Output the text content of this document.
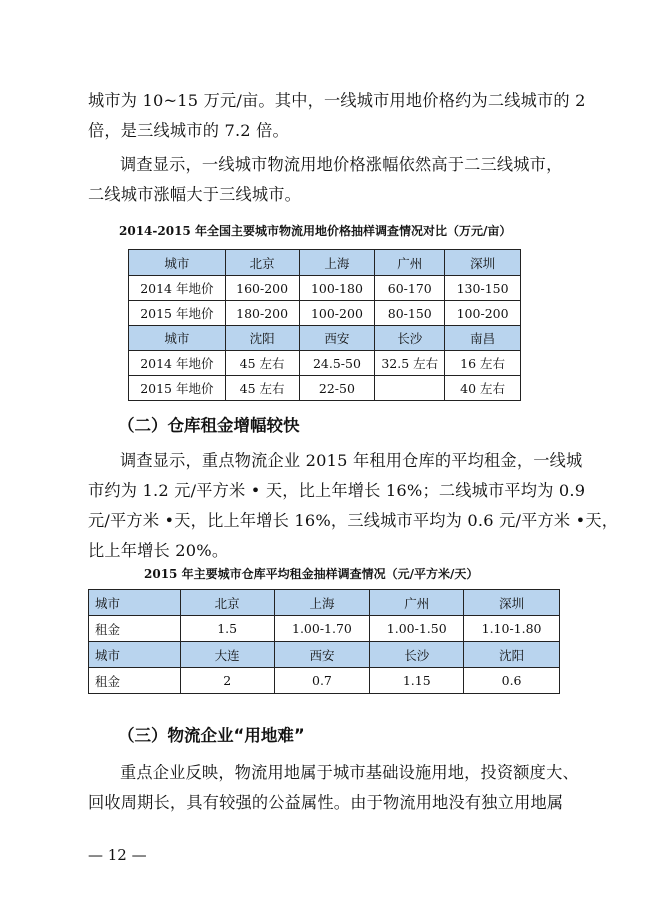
城市为 10~15 万元/亩。其中，一线城市用地价格约为二线城市的 2
倍，是三线城市的 7.2 倍。
调查显示，一线城市物流用地价格涨幅依然高于二三线城市，
二线城市涨幅大于三线城市。
2014-2015 年全国主要城市物流用地价格抽样调查情况对比（万元/亩）
城市	北京	上海	广州	深圳
2014 年地价	160-200	100-180	60-170	130-150
2015 年地价	180-200	100-200	80-150	100-200
城市	沈阳	西安	长沙	南昌
2014 年地价	45 左右	24.5-50	32.5 左右	16 左右
2015 年地价	45 左右	22-50		40 左右
（二）仓库租金增幅较快
调查显示，重点物流企业 2015 年租用仓库的平均租金，一线城
市约为 1.2 元/平方米 • 天，比上年增长 16%；二线城市平均为 0.9
元/平方米 •天，比上年增长 16%，三线城市平均为 0.6 元/平方米 •天，
比上年增长 20%。
2015 年主要城市仓库平均租金抽样调查情况（元/平方米/天）
城市	北京	上海	广州	深圳
租金	1.5	1.00-1.70	1.00-1.50	1.10-1.80
城市	大连	西安	长沙	沈阳
租金	2	0.7	1.15	0.6
（三）物流企业“用地难”
重点企业反映，物流用地属于城市基础设施用地，投资额度大、
回收周期长，具有较强的公益属性。由于物流用地没有独立用地属
— 12 —
